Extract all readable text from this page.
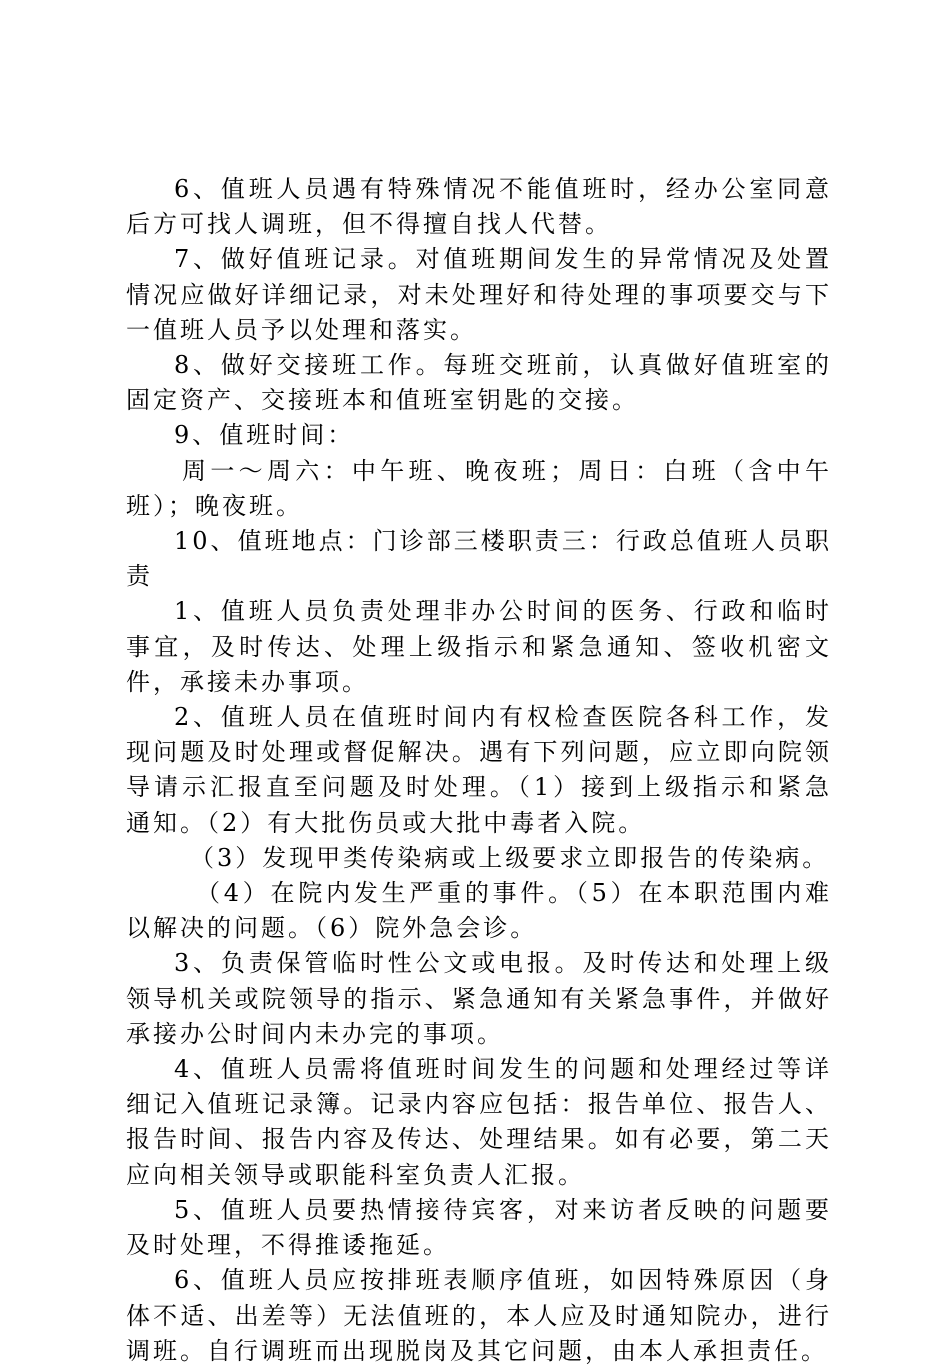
6、值班人员遇有特殊情况不能值班时，经办公室同意后方可找人调班，但不得擅自找人代替。

7、做好值班记录。对值班期间发生的异常情况及处置情况应做好详细记录，对未处理好和待处理的事项要交与下一值班人员予以处理和落实。

8、做好交接班工作。每班交班前，认真做好值班室的固定资产、交接班本和值班室钥匙的交接。

9、值班时间：

周一～周六：中午班、晚夜班；周日：白班（含中午班）；晚夜班。

10、值班地点：门诊部三楼职责三：行政总值班人员职责

1、值班人员负责处理非办公时间的医务、行政和临时事宜，及时传达、处理上级指示和紧急通知、签收机密文件，承接未办事项。

2、值班人员在值班时间内有权检查医院各科工作，发现问题及时处理或督促解决。遇有下列问题，应立即向院领导请示汇报直至问题及时处理。（1）接到上级指示和紧急通知。（2）有大批伤员或大批中毒者入院。

（3）发现甲类传染病或上级要求立即报告的传染病。

（4）在院内发生严重的事件。（5）在本职范围内难以解决的问题。（6）院外急会诊。

3、负责保管临时性公文或电报。及时传达和处理上级领导机关或院领导的指示、紧急通知有关紧急事件，并做好承接办公时间内未办完的事项。

4、值班人员需将值班时间发生的问题和处理经过等详细记入值班记录簿。记录内容应包括：报告单位、报告人、报告时间、报告内容及传达、处理结果。如有必要，第二天应向相关领导或职能科室负责人汇报。

5、值班人员要热情接待宾客，对来访者反映的问题要及时处理，不得推诿拖延。

6、值班人员应按排班表顺序值班，如因特殊原因（身体不适、出差等）无法值班的，本人应及时通知院办，进行调班。自行调班而出现脱岗及其它问题，由本人承担责任。
